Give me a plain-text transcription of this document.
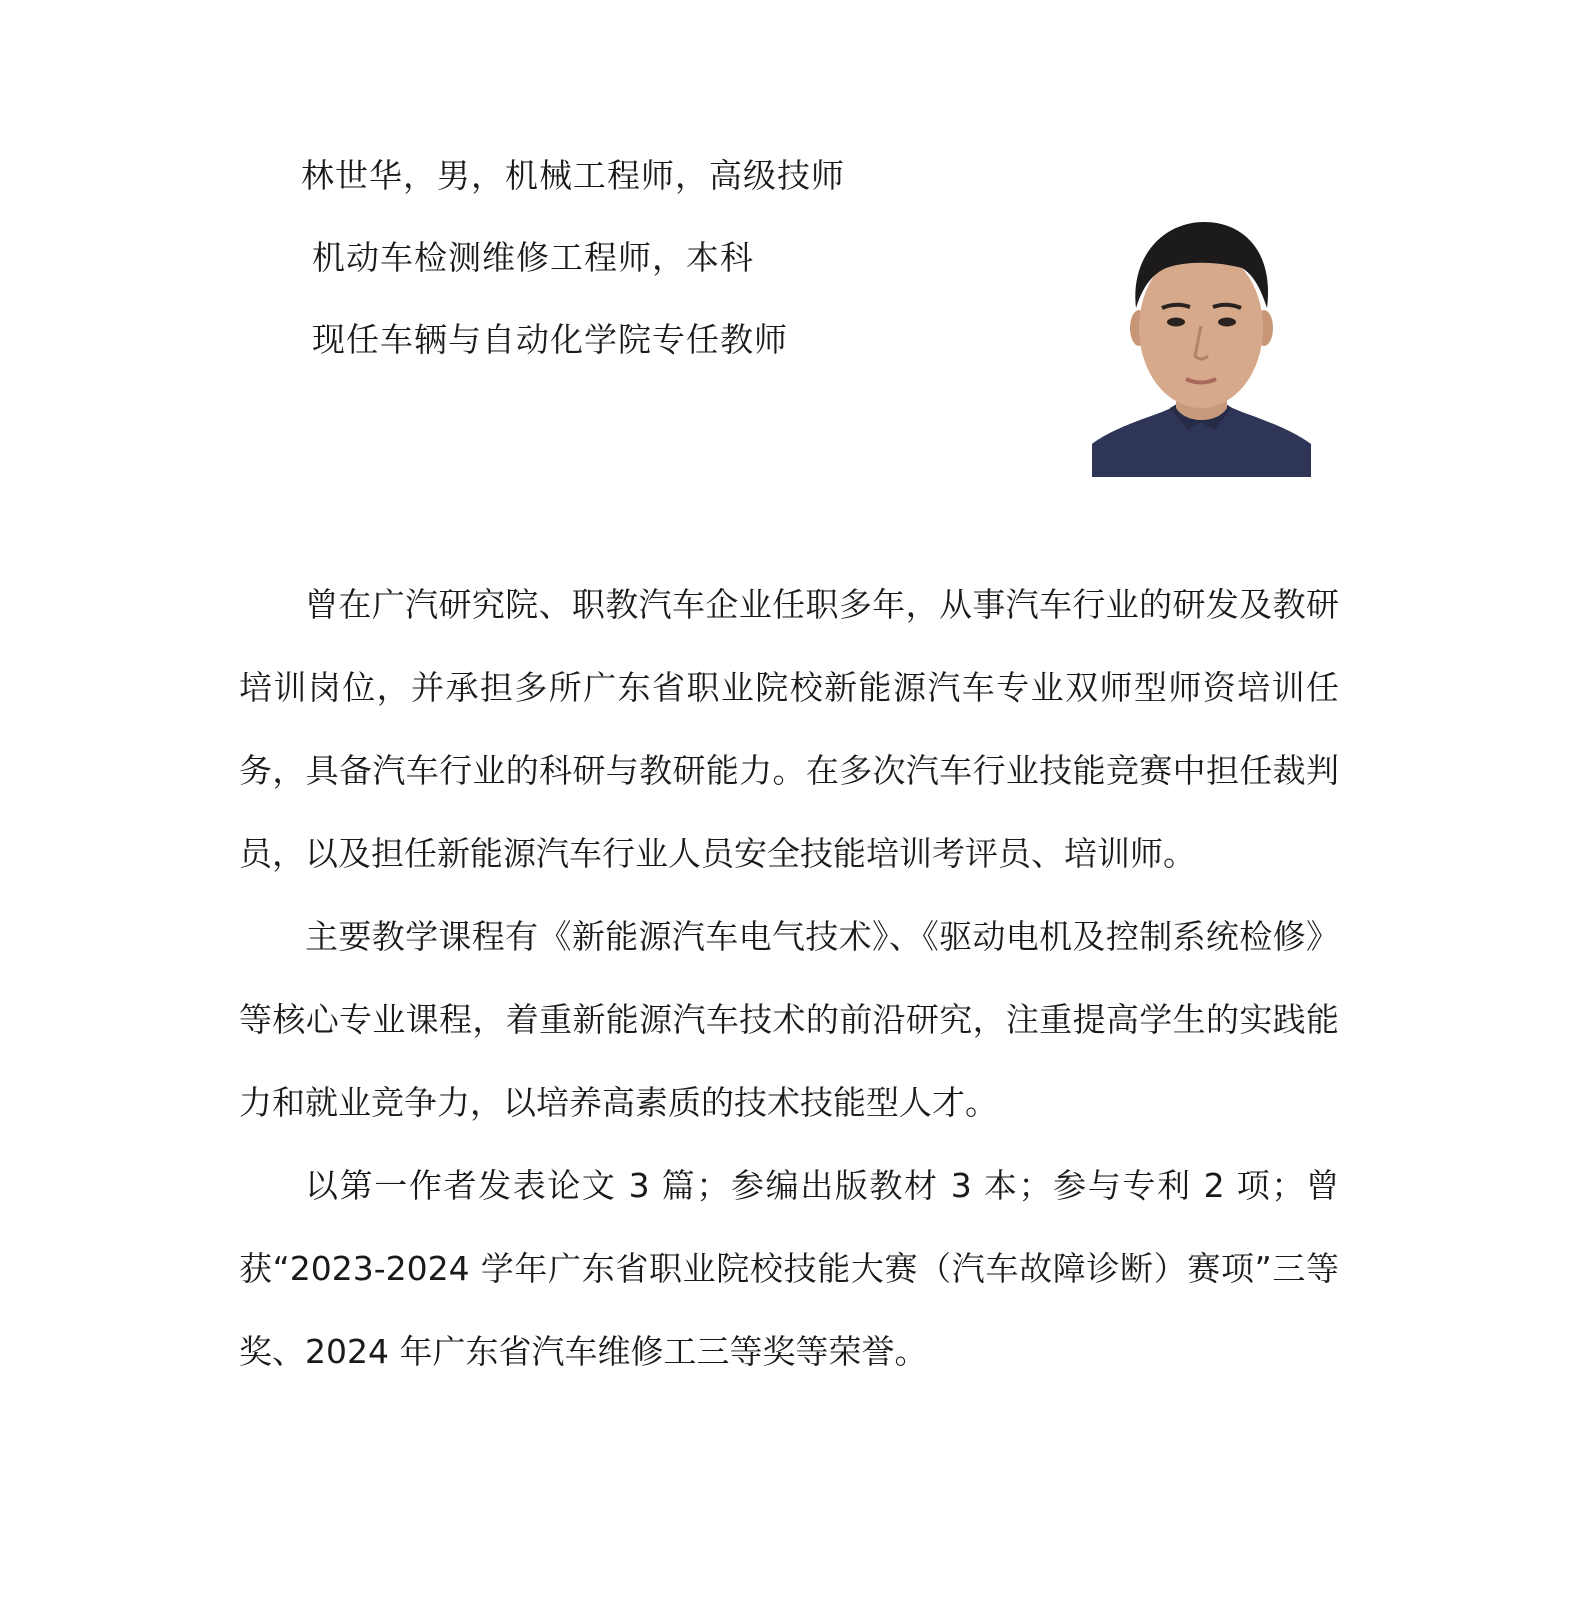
林世华，男，机械工程师，高级技师
机动车检测维修工程师，本科
现任车辆与自动化学院专任教师

曾在广汽研究院、职教汽车企业任职多年，从事汽车行业的研发及教研培训岗位，并承担多所广东省职业院校新能源汽车专业双师型师资培训任务，具备汽车行业的科研与教研能力。在多次汽车行业技能竞赛中担任裁判员，以及担任新能源汽车行业人员安全技能培训考评员、培训师。

主要教学课程有《新能源汽车电气技术》、《驱动电机及控制系统检修》等核心专业课程，着重新能源汽车技术的前沿研究，注重提高学生的实践能力和就业竞争力，以培养高素质的技术技能型人才。

以第一作者发表论文 3 篇；参编出版教材 3 本；参与专利 2 项；曾获“2023-2024 学年广东省职业院校技能大赛（汽车故障诊断）赛项”三等奖、2024 年广东省汽车维修工三等奖等荣誉。
